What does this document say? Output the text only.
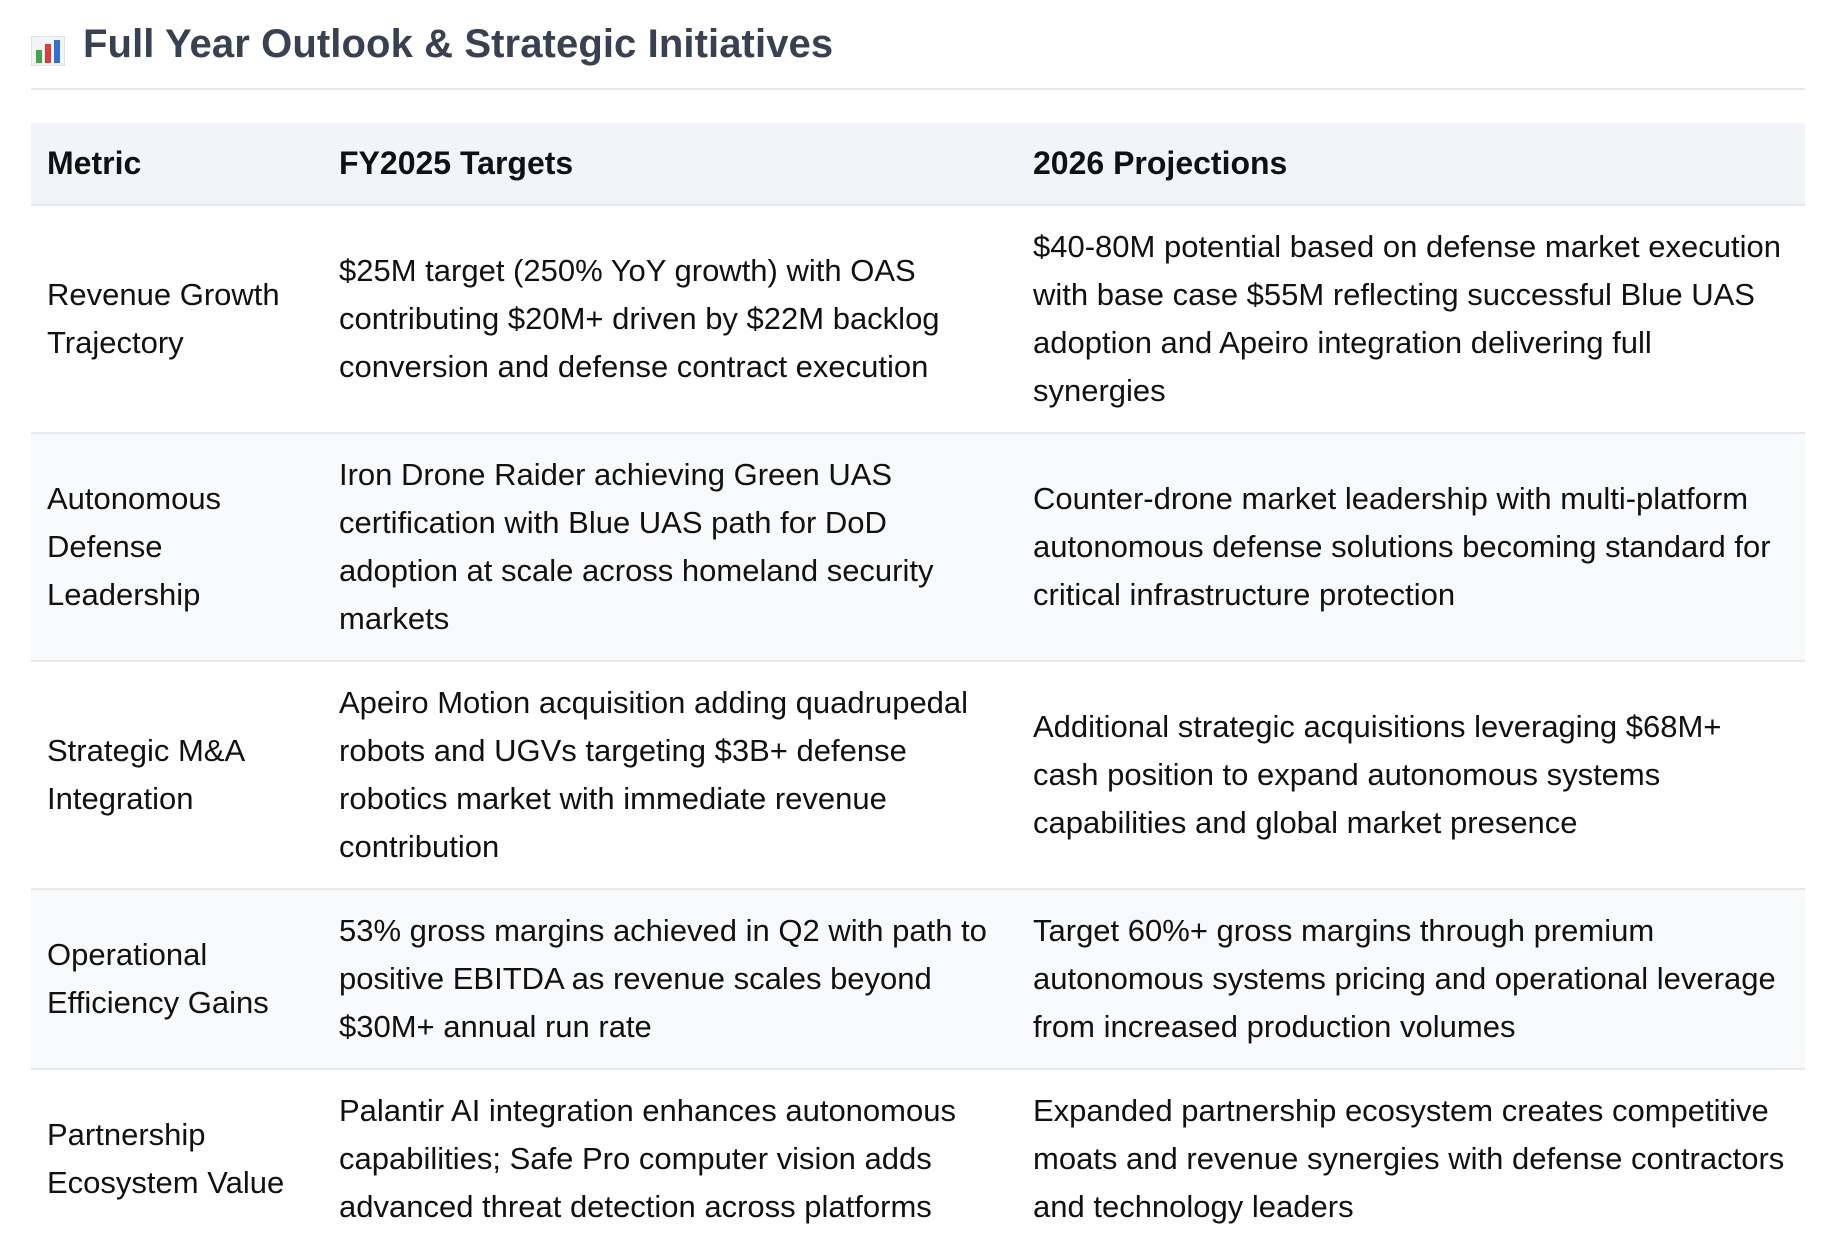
Full Year Outlook & Strategic Initiatives
Metric	FY2025 Targets	2026 Projections
Revenue Growth Trajectory	$25M target (250% YoY growth) with OAS contributing $20M+ driven by $22M backlog conversion and defense contract execution	$40-80M potential based on defense market execution with base case $55M reflecting successful Blue UAS adoption and Apeiro integration delivering full synergies
Autonomous Defense Leadership	Iron Drone Raider achieving Green UAS certification with Blue UAS path for DoD adoption at scale across homeland security markets	Counter-drone market leadership with multi-platform autonomous defense solutions becoming standard for critical infrastructure protection
Strategic M&A Integration	Apeiro Motion acquisition adding quadrupedal robots and UGVs targeting $3B+ defense robotics market with immediate revenue contribution	Additional strategic acquisitions leveraging $68M+ cash position to expand autonomous systems capabilities and global market presence
Operational Efficiency Gains	53% gross margins achieved in Q2 with path to positive EBITDA as revenue scales beyond $30M+ annual run rate	Target 60%+ gross margins through premium autonomous systems pricing and operational leverage from increased production volumes
Partnership Ecosystem Value	Palantir AI integration enhances autonomous capabilities; Safe Pro computer vision adds advanced threat detection across platforms	Expanded partnership ecosystem creates competitive moats and revenue synergies with defense contractors and technology leaders
